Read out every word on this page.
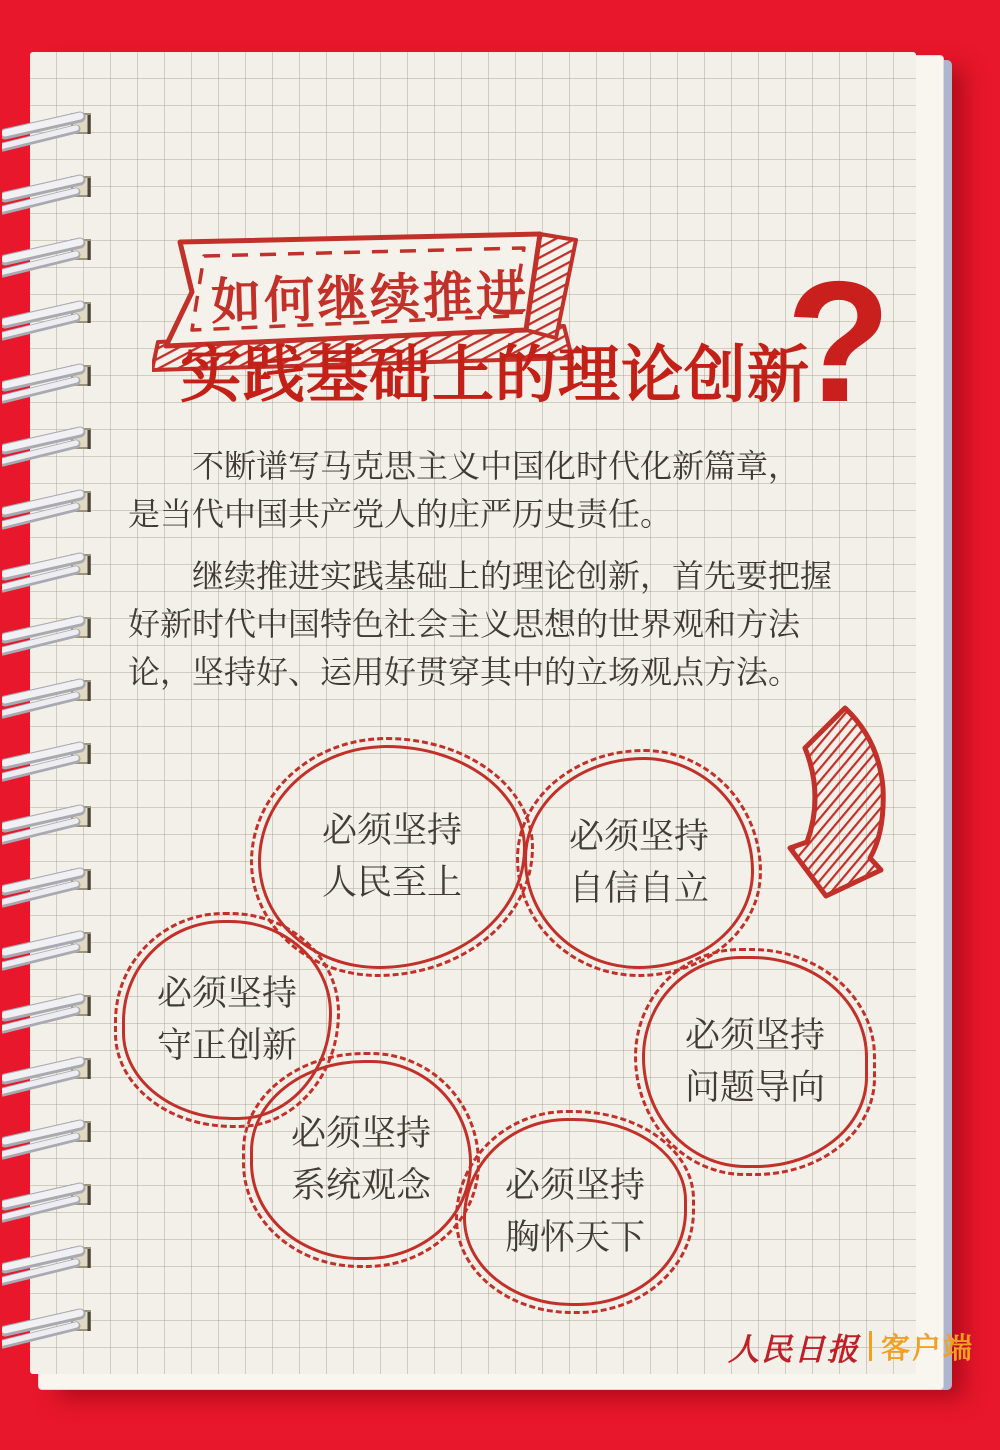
如何继续推进
实践基础上的理论创新
?

不断谱写马克思主义中国化时代化新篇章，
是当代中国共产党人的庄严历史责任。

继续推进实践基础上的理论创新，首先要把握
好新时代中国特色社会主义思想的世界观和方法
论，坚持好、运用好贯穿其中的立场观点方法。

必须坚持
人民至上
必须坚持
自信自立
必须坚持
守正创新	必须坚持
问题导向
必须坚持
系统观念 必须坚持
胸怀天下
人民日报 客户端
